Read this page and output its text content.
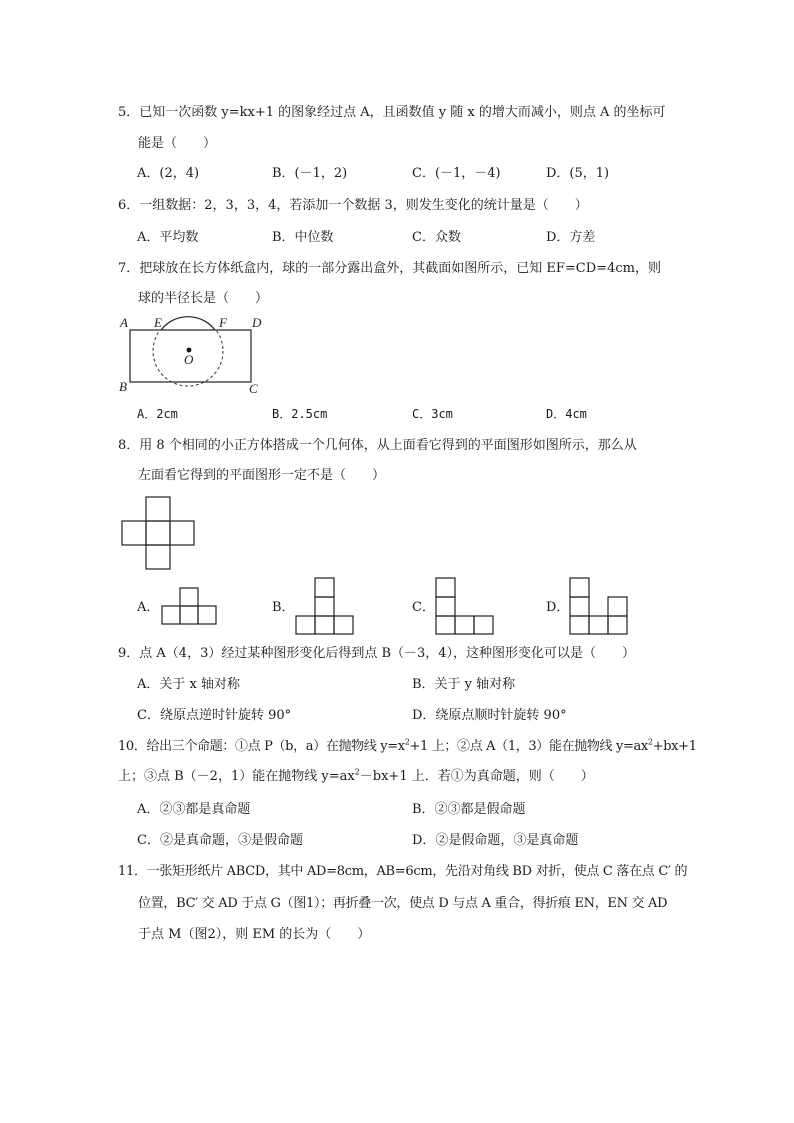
5．已知一次函数 y=kx+1 的图象经过点 A，且函数值 y 随 x 的增大而减小，则点 A 的坐标可
能是（　　）
A．(2，4)	B．(－1，2)	C．(－1，－4)	D．(5，1)
6．一组数据：2，3，3，4，若添加一个数据 3，则发生变化的统计量是（　　）
A．平均数	B．中位数	C．众数	D．方差
7．把球放在长方体纸盒内，球的一部分露出盒外，其截面如图所示，已知 EF=CD=4cm，则
球的半径长是（　　）
A E	F D
O
B	C
A．2cm	B．2.5cm	C．3cm	D．4cm
8．用 8 个相同的小正方体搭成一个几何体，从上面看它得到的平面图形如图所示，那么从
左面看它得到的平面图形一定不是（　　）
A．	B．	C．	D．
9．点 A（4，3）经过某种图形变化后得到点 B（－3，4），这种图形变化可以是（　　）
A．关于 x 轴对称	B．关于 y 轴对称
C．绕原点逆时针旋转 90°	D．绕原点顺时针旋转 90°
10．给出三个命题：①点 P（b，a）在抛物线 $y=x^2+1$ 上；②点 A（1，3）能在抛物线 $y=ax^2+bx+1$
上；③点 B（－2，1）能在抛物线 $y=ax^2-bx+1$ 上．若①为真命题，则（　　）
A．②③都是真命题	B．②③都是假命题
C．②是真命题，③是假命题	D．②是假命题，③是真命题
11．一张矩形纸片 ABCD，其中 AD=8cm，AB=6cm，先沿对角线 BD 对折，使点 C 落在点 C′ 的
位置，BC′ 交 AD 于点 G（图1）；再折叠一次，使点 D 与点 A 重合，得折痕 EN，EN 交 AD
于点 M（图2），则 EM 的长为（　　）
